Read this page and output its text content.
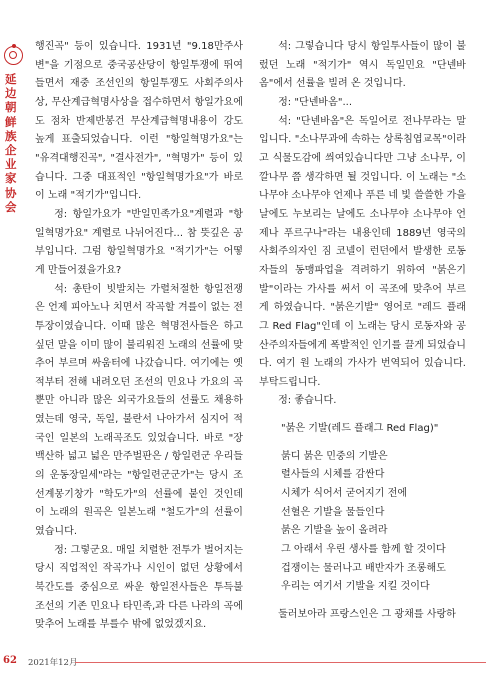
延边朝鲜族企业家协会

행진곡" 등이 있습니다. 1931년 "9.18만주사변"을 기점으로 중국공산당이 항일투쟁에 뛰여들면서 재중 조선인의 항일투쟁도 사회주의사상, 무산계급혁명사상을 접수하면서 항일가요에도 점차 반제반봉건 무산계급혁명내용이 강도 높게 표출되었습니다. 이런 "항일혁명가요"는 "유격대행진곡", "결사전가", "혁명가" 등이 있습니다. 그중 대표적인 "항일혁명가요"가 바로 이 노래 "적기가"입니다.

정: 항일가요가 "반일민족가요"계렬과 "항일혁명가요" 계렬로 나뉘어진다... 참 뜻깊은 공부입니다. 그럼 항일혁명가요 "적기가"는 어떻게 만들어졌을가요?

석: 총탄이 빗발치는 가렬처절한 항일전쟁은 언제 피아노나 치면서 작곡할 겨를이 없는 전투장이였습니다. 이때 많은 혁명전사들은 하고 싶던 말을 이미 많이 불리워진 노래의 선률에 맞추어 부르며 싸움터에 나갔습니다. 여기에는 옛적부터 전해 내려오던 조선의 민요나 가요의 곡 뿐만 아니라 많은 외국가요들의 선률도 채용하였는데 영국, 독일, 불란서 나아가서 심지어 적국인 일본의 노래곡조도 있었습니다. 바로 "장백산하 넓고 넓은 만주벌판은 / 항일련군 우리들의 운동장일세"라는 "항일련군군가"는 당시 조선계몽기창가 "학도가"의 선률에 붙인 것인데 이 노래의 원곡은 일본노래 "철도가"의 선률이였습니다.

정: 그렇군요. 매일 치렬한 전투가 벌어지는 당시 직업적인 작곡가나 시인이 없던 상황에서 북간도를 중심으로 싸운 항일전사들은 투득불 조선의 기존 민요나 타민족,과 다른 나라의 곡에 맞추어 노래를 부를수 밖에 없었겠지요.

석: 그렇습니다 당시 항일투사들이 많이 불렀던 노래 "적기가" 역시 독일민요 "단넨바옴"에서 선률을 빌려 온 것입니다.

정: "단넨바옴"...

석: "단넨바옴"은 독일어로 전나무라는 말입니다. "소나무과에 속하는 상록침엽교목"이라고 식물도감에 씌여있습니다만 그냥 소나무, 이깔나무 쯤 생각하면 될 것입니다. 이 노래는 "소나무야 소나무야 언제나 푸른 네 빛 쓸쓸한 가을날에도 누보리는 날에도 소나무야 소나무야 언제나 푸르구나"라는 내용인데 1889년 영국의 사회주의자인 짐 코넬이 런던에서 발생한 로동자들의 동맹파업을 격려하기 위하여 "붉은기발"이라는 가사를 써서 이 곡조에 맞추어 부르게 하였습니다. "붉은기발" 영어로 "레드 플래그 Red Flag"인데 이 노래는 당시 로동자와 공산주의자들에게 폭발적인 인기를 끌게 되었습니다. 여기 원 노래의 가사가 번역되어 있습니다. 부탁드립니다.

정: 좋습니다.

"붉은 기발(레드 플래그 Red Flag)"

붉디 붉은 민중의 기발은

렬사들의 시체를 감싼다

시체가 식어서 굳어지기 전에

선혈은 기발을 물들인다

붉은 기발을 높이 올려라

그 아래서 우린 생사를 함께 할 것이다

겁쟁이는 물러나고 배반자가 조롱해도

우리는 여기서 기발을 지킬 것이다

둘러보아라 프랑스인은 그 광채를 사랑하

62 2021年12月
